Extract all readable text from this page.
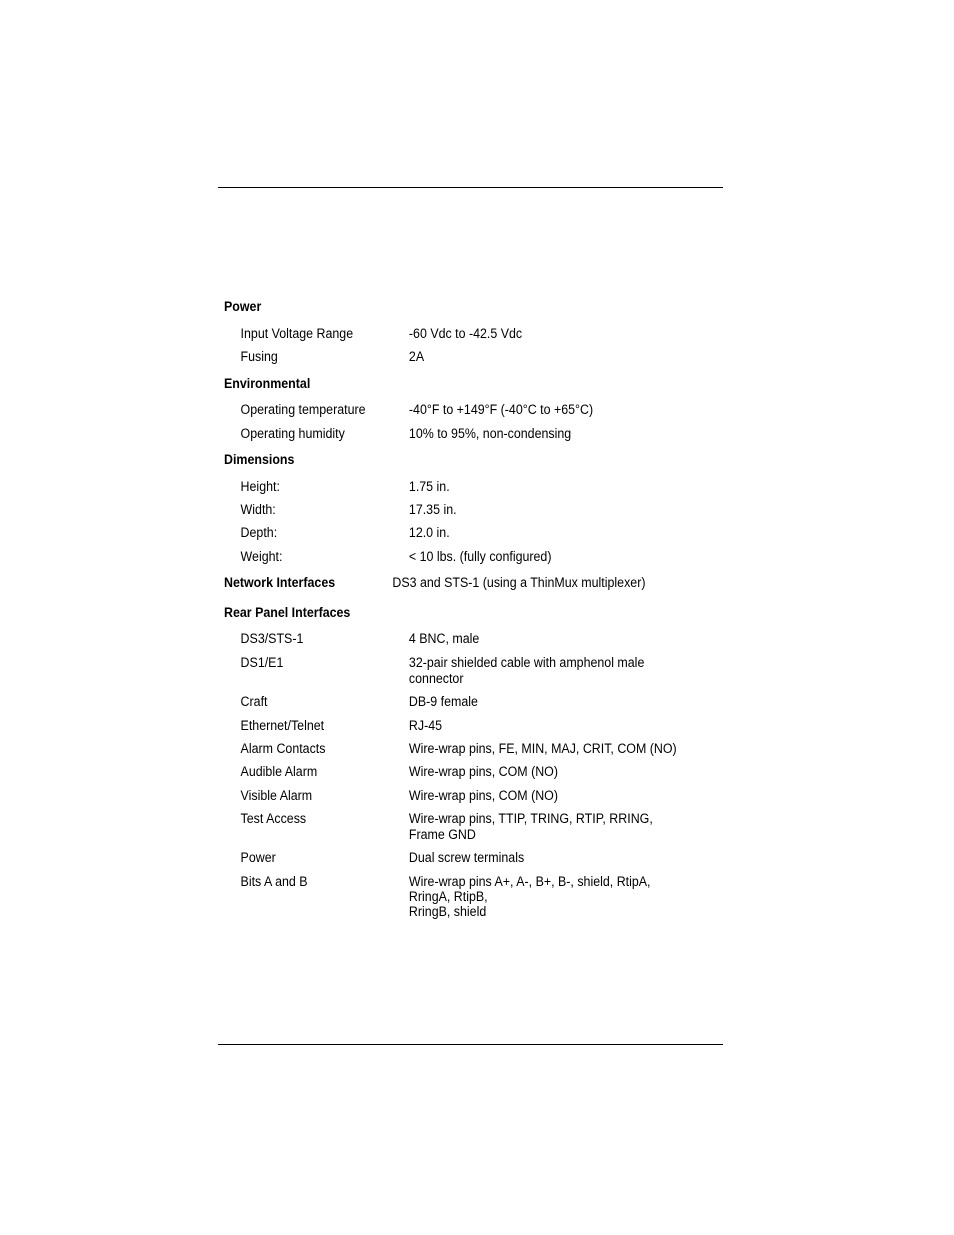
Power
Input Voltage Range	-60 Vdc to -42.5 Vdc
Fusing	2A
Environmental
Operating temperature	-40°F to +149°F (-40°C to +65°C)
Operating humidity	10% to 95%, non-condensing
Dimensions
Height:	1.75 in.
Width:	17.35 in.
Depth:	12.0 in.
Weight:	< 10 lbs. (fully configured)
Network Interfaces	DS3 and STS-1 (using a ThinMux multiplexer)
Rear Panel Interfaces
DS3/STS-1	4 BNC, male
DS1/E1	32-pair shielded cable with amphenol male connector
Craft	DB-9 female
Ethernet/Telnet	RJ-45
Alarm Contacts	Wire-wrap pins, FE, MIN, MAJ, CRIT, COM (NO)
Audible Alarm	Wire-wrap pins, COM (NO)
Visible Alarm	Wire-wrap pins, COM (NO)
Test Access	Wire-wrap pins, TTIP, TRING, RTIP, RRING, Frame GND
Power	Dual screw terminals
Bits A and B	Wire-wrap pins A+, A-, B+, B-, shield, RtipA, RringA, RtipB,
RringB, shield
